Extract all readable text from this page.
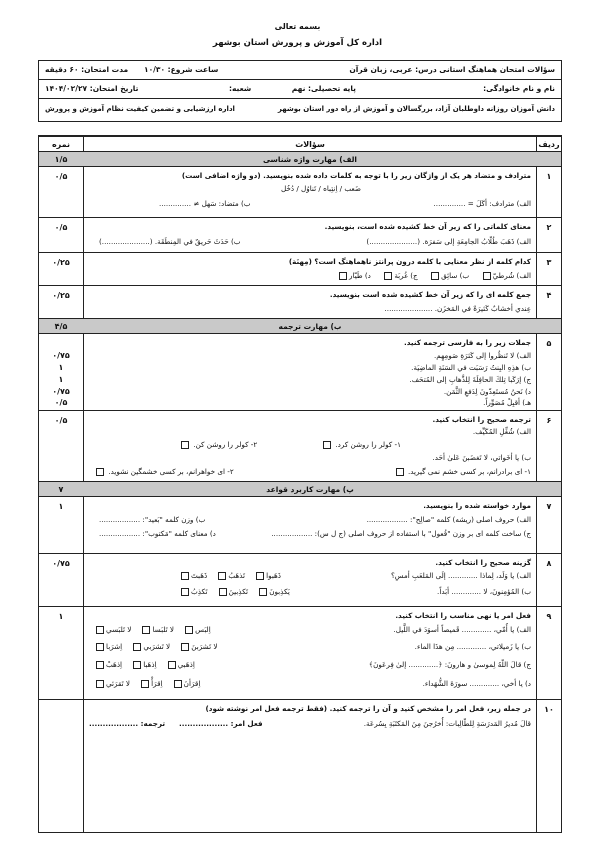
بسمه تعالی
اداره کل آموزش و پرورش استان بوشهر
سؤالات امتحان هماهنگ استانی درس: عربی، زبان قرآن
ساعت شروع: ۱۰/۳۰
مدت امتحان: ۶۰ دقیقه
نام و نام خانوادگی:
پایه تحصیلی: نهم
شعبه:
تاریخ امتحان: ۱۴۰۴/۰۲/۲۷
دانش آموزان روزانه داوطلبان آزاد، بزرگسالان و آموزش از راه دور استان بوشهر
اداره ارزشیابی و تضمین کیفیت نظام آموزش و پرورش
ردیف
سؤالات
نمره
الف) مهارت واژه شناسی
۱/۵
۱
۰/۵	مترادف و متضاد هر یک از واژگان زیر را با توجه به کلمات داده شده بنویسید. (دو واژه اضافی است)
ضَعب / اِنتِباه / تَناوُل / دُخُل
الف) مترادف: أكَلَ = ..............
ب) متضاد: سَهل ≠ ..............
۲
۰/۵	معنای کلماتی را که زیر آن خط کشیده شده است، بنویسید.
الف) ذَهَبَ طُلّابُ الجامِعَةِ إلى سَفرَة. (.....................)
ب) حَدَثَ حَريقٌ في المِنطَقَة. (.....................)
۳
۰/۲۵	کدام کلمه از نظر معنایی با کلمه درون پرانتز ناهماهنگ است؟ (مِهنَة)
الف) شُرطيّ     ب) سائِق     ج) غُربَة     د) طَيّار
۴
۰/۲۵	جمع کلمه ای را که زیر آن خط کشیده شده است بنویسید.
عِندي أخشابٌ كَثيرَةٌ في المَخزَن. .....................
ب) مهارت ترجمه
۴/۵
۵
جملات زیر را به فارسی ترجمه کنید.
۰/۷۵	الف) لا تَنظُروا إلى كَثرَةِ صَومِهِم.
۱	ب) هذِهِ البِنتُ رَسَبَت في السَنَةِ الماضِيَة.
۱	ج) إرَكَبا تِلكَ الحافِلَةَ لِلذَّهابِ إلى المُتحَف.
۰/۷۵	د) نَحنُ مُستَعِدّونَ لِدَفعِ الثَّمَن.
۰/۵	هـ) أقبِلْ مُصَوِّراً.
۶
۰/۵	ترجمه صحیح را انتخاب کنید.
الف) شُغِّلِ المُكَيِّف.
۱- کولر را روشن کرد.
۲- کولر را روشن کن.
ب) يا أخَواتي، لا تَغضَبنَ عَلىٰ أحَد.
۱- ای برادرانم، بر کسی خشم نمی گیرید.
۲- ای خواهرانم، بر کسی خشمگین نشوید.
پ) مهارت کاربرد قواعد
۷
۷
۱	موارد خواسته شده را بنویسید.
الف) حروف اصلی (ریشه) کلمه "صالِح": ..................
ب) وزن کلمه "بَعيد": ..................
ج) ساخت کلمه ای بر وزن "فُعول" با استفاده از حروف اصلی (ج ل س): ..................
د) معنای کلمه "مَكتوب": ..................
۸
۰/۷۵	گزینه صحیح را انتخاب کنید.
الف) يا وَلَد، لِماذا ............. إلَى المَلعَبِ أمسِ؟
ذَهَبوا    تَذهَبُ    ذَهَبتَ
ب) المُؤمِنونَ، لا ............. أبَداً.
يَكذِبونَ    تَكذِبينَ    تَكذِبُ
۹
۱	فعل امر یا نهی مناسب را انتخاب کنید.
الف) يا أُمّي، ............. قَميصاً أسوَدَ في اللَّيل.
اِلبَس    لا تَلبَسا    لا تَلبَسي
ب) يا زَميلاتي، ............. مِن هذَا الماء.
لا تَشرَبنَ    لا تَشرَبي    اِشرَبا
ج) قالَ اللّهُ لِموسىٰ و هارونَ: ﴿............. إلىٰ فِرعَونَ﴾
اِذهَبي    اِذهَبا    اِذهَبْ
د) يا أخي، ............. سورَةَ الشُّهَداء.
اِقرَأنَ    اِقرَأْ    لا تَقرَئي
۱۰
در جمله زیر، فعل امر را مشخص کنید و آن را ترجمه کنید. (فقط ترجمه فعل امر نوشته شود)
قالَ مُديرُ المَدرَسَةِ لِلطّالِبات: أُخرُجنَ مِنَ المَكتَبَةِ بِسُرعَة.
فعل امر: ..................
ترجمه: ..................
